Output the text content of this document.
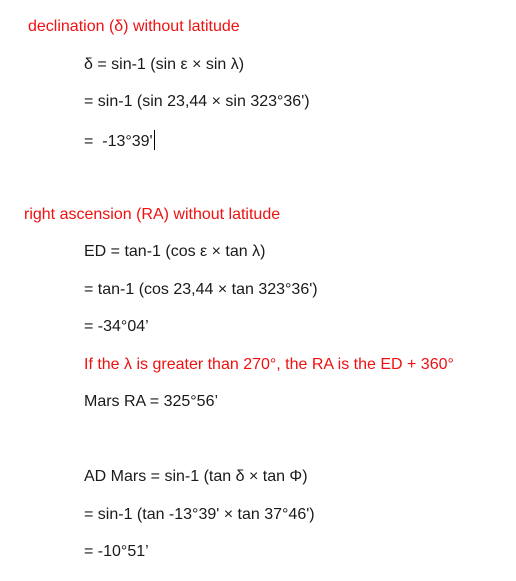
declination (δ) without latitude
δ = sin-1 (sin ε × sin λ)
= sin-1 (sin 23,44 × sin 323°36')
=  -13°39'
right ascension (RA) without latitude
ED = tan-1 (cos ε × tan λ)
= tan-1 (cos 23,44 × tan 323°36')
= -34°04’
If the λ is greater than 270°, the RA is the ED + 360°
Mars RA = 325°56’
AD Mars = sin-1 (tan δ × tan Φ)
= sin-1 (tan -13°39' × tan 37°46')
= -10°51’
